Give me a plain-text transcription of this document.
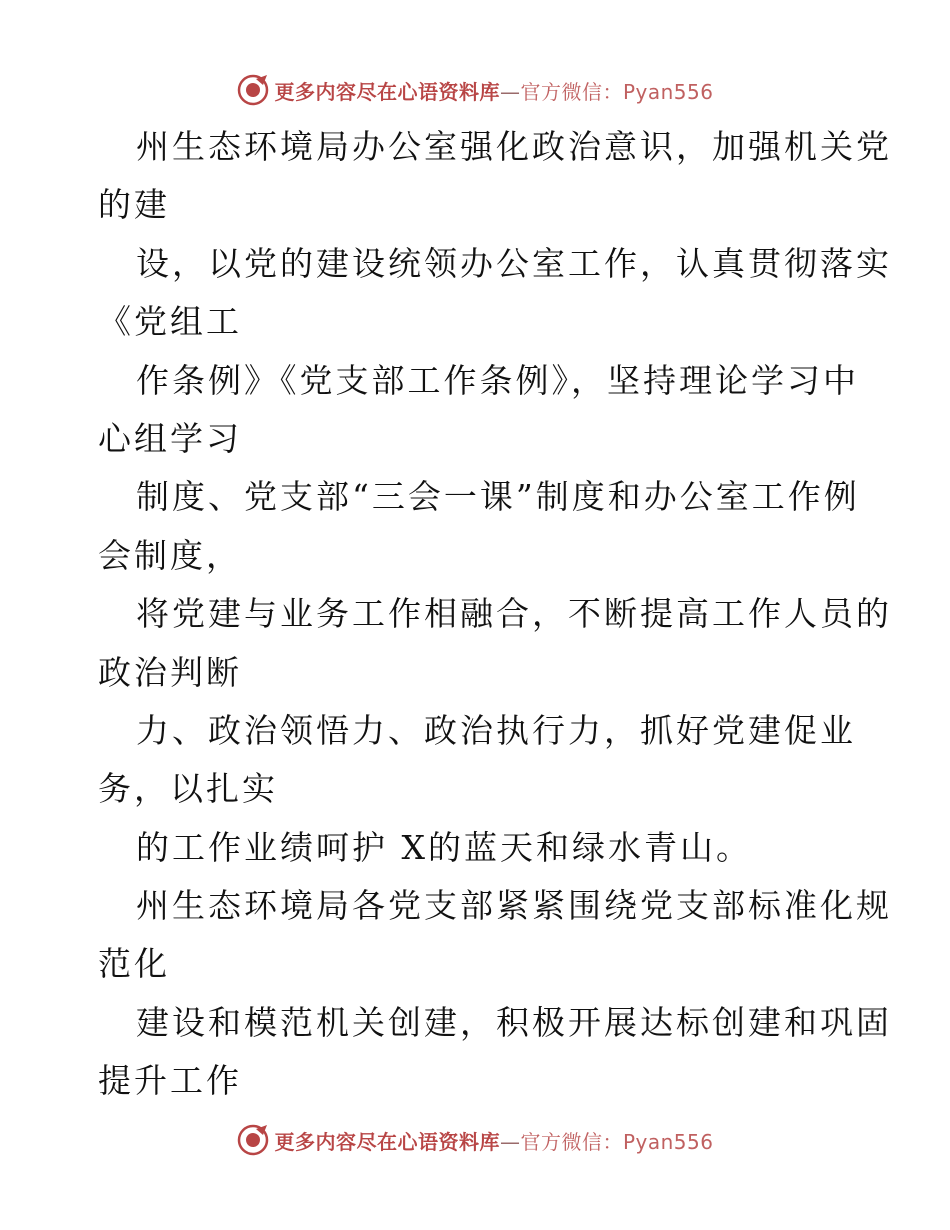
更多内容尽在心语资料库—官方微信：Pyan556
州生态环境局办公室强化政治意识，加强机关党
的建
设，以党的建设统领办公室工作，认真贯彻落实
《党组工
作条例》《党支部工作条例》，坚持理论学习中
心组学习
制度、党支部“三会一课”制度和办公室工作例
会制度，
将党建与业务工作相融合，不断提高工作人员的
政治判断
力、政治领悟力、政治执行力，抓好党建促业
务，以扎实
的工作业绩呵护 X的蓝天和绿水青山。
州生态环境局各党支部紧紧围绕党支部标准化规
范化
建设和模范机关创建，积极开展达标创建和巩固
提升工作
更多内容尽在心语资料库—官方微信：Pyan556
